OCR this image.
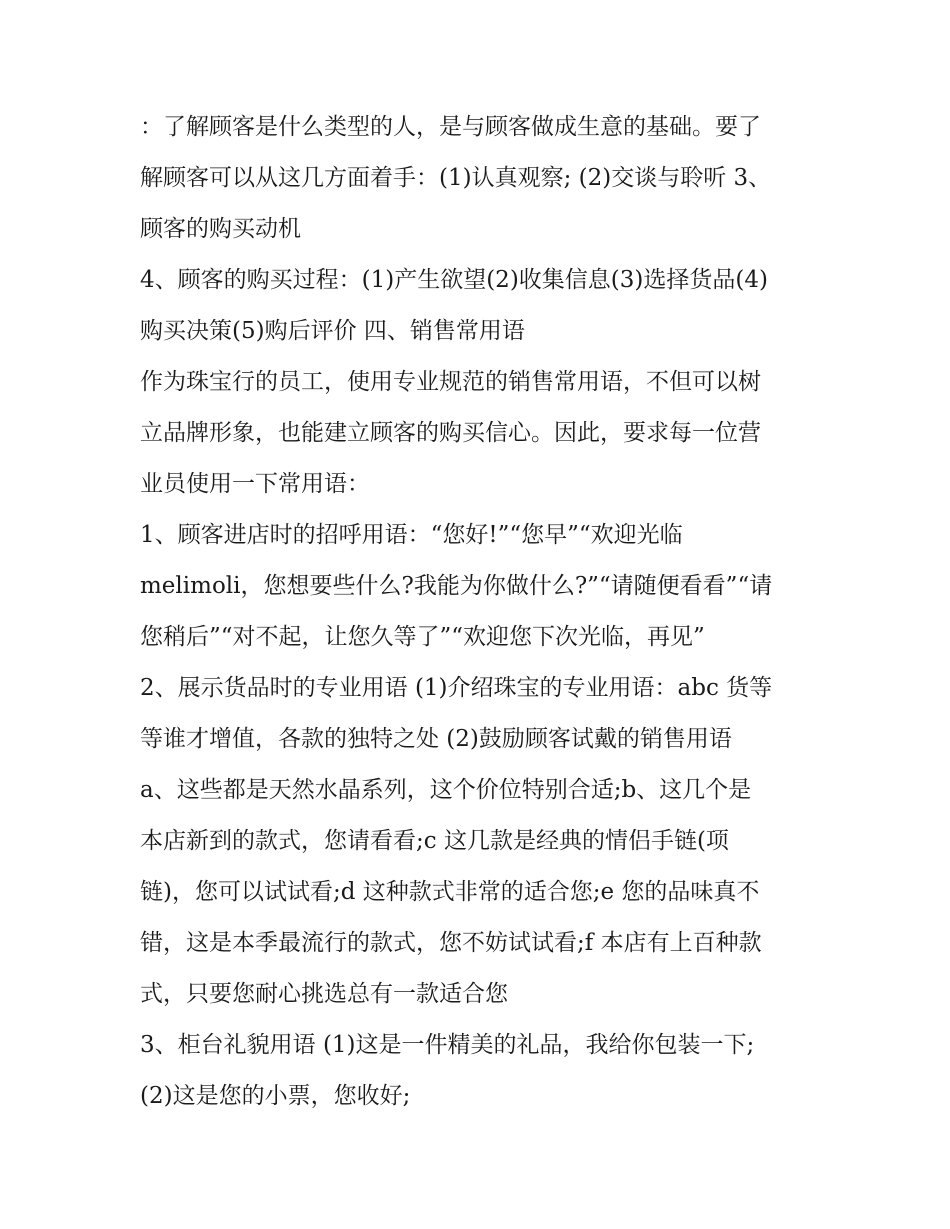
：了解顾客是什么类型的人，是与顾客做成生意的基础。要了
解顾客可以从这几方面着手：(1)认真观察; (2)交谈与聆听 3、
顾客的购买动机
4、顾客的购买过程：(1)产生欲望(2)收集信息(3)选择货品(4)
购买决策(5)购后评价 四、销售常用语
作为珠宝行的员工，使用专业规范的销售常用语，不但可以树
立品牌形象，也能建立顾客的购买信心。因此，要求每一位营
业员使用一下常用语：
1、顾客进店时的招呼用语：“您好!”“您早”“欢迎光临
melimoli，您想要些什么?我能为你做什么?”“请随便看看”“请
您稍后”“对不起，让您久等了”“欢迎您下次光临，再见”
2、展示货品时的专业用语 (1)介绍珠宝的专业用语：abc 货等
等谁才增值，各款的独特之处 (2)鼓励顾客试戴的销售用语
a、这些都是天然水晶系列，这个价位特别合适;b、这几个是
本店新到的款式，您请看看;c 这几款是经典的情侣手链(项
链)，您可以试试看;d 这种款式非常的适合您;e 您的品味真不
错，这是本季最流行的款式，您不妨试试看;f 本店有上百种款
式，只要您耐心挑选总有一款适合您
3、柜台礼貌用语 (1)这是一件精美的礼品，我给你包装一下;
(2)这是您的小票，您收好;
